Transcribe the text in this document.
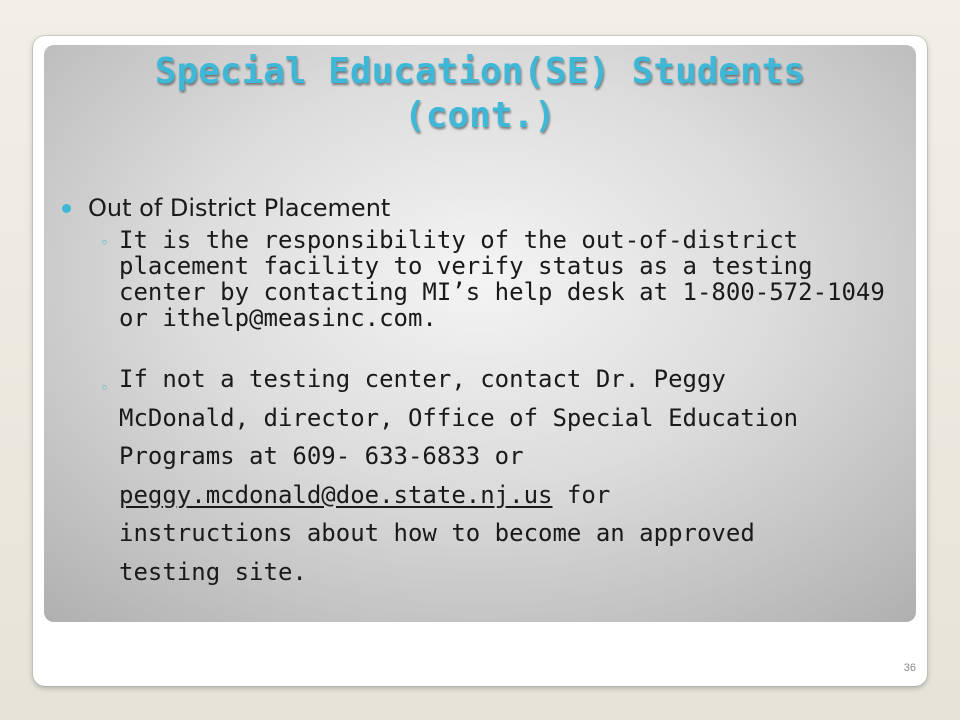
Special Education(SE) Students
(cont.)
Out of District Placement
◦ It is the responsibility of the out-of-district placement facility to verify status as a testing center by contacting MI’s help desk at 1-800-572-1049 or ithelp@measinc.com.
◦ If not a testing center, contact Dr. Peggy
McDonald, director, Office of Special Education
Programs at 609- 633-6833 or
peggy.mcdonald@doe.state.nj.us for
instructions about how to become an approved
testing site.
36
